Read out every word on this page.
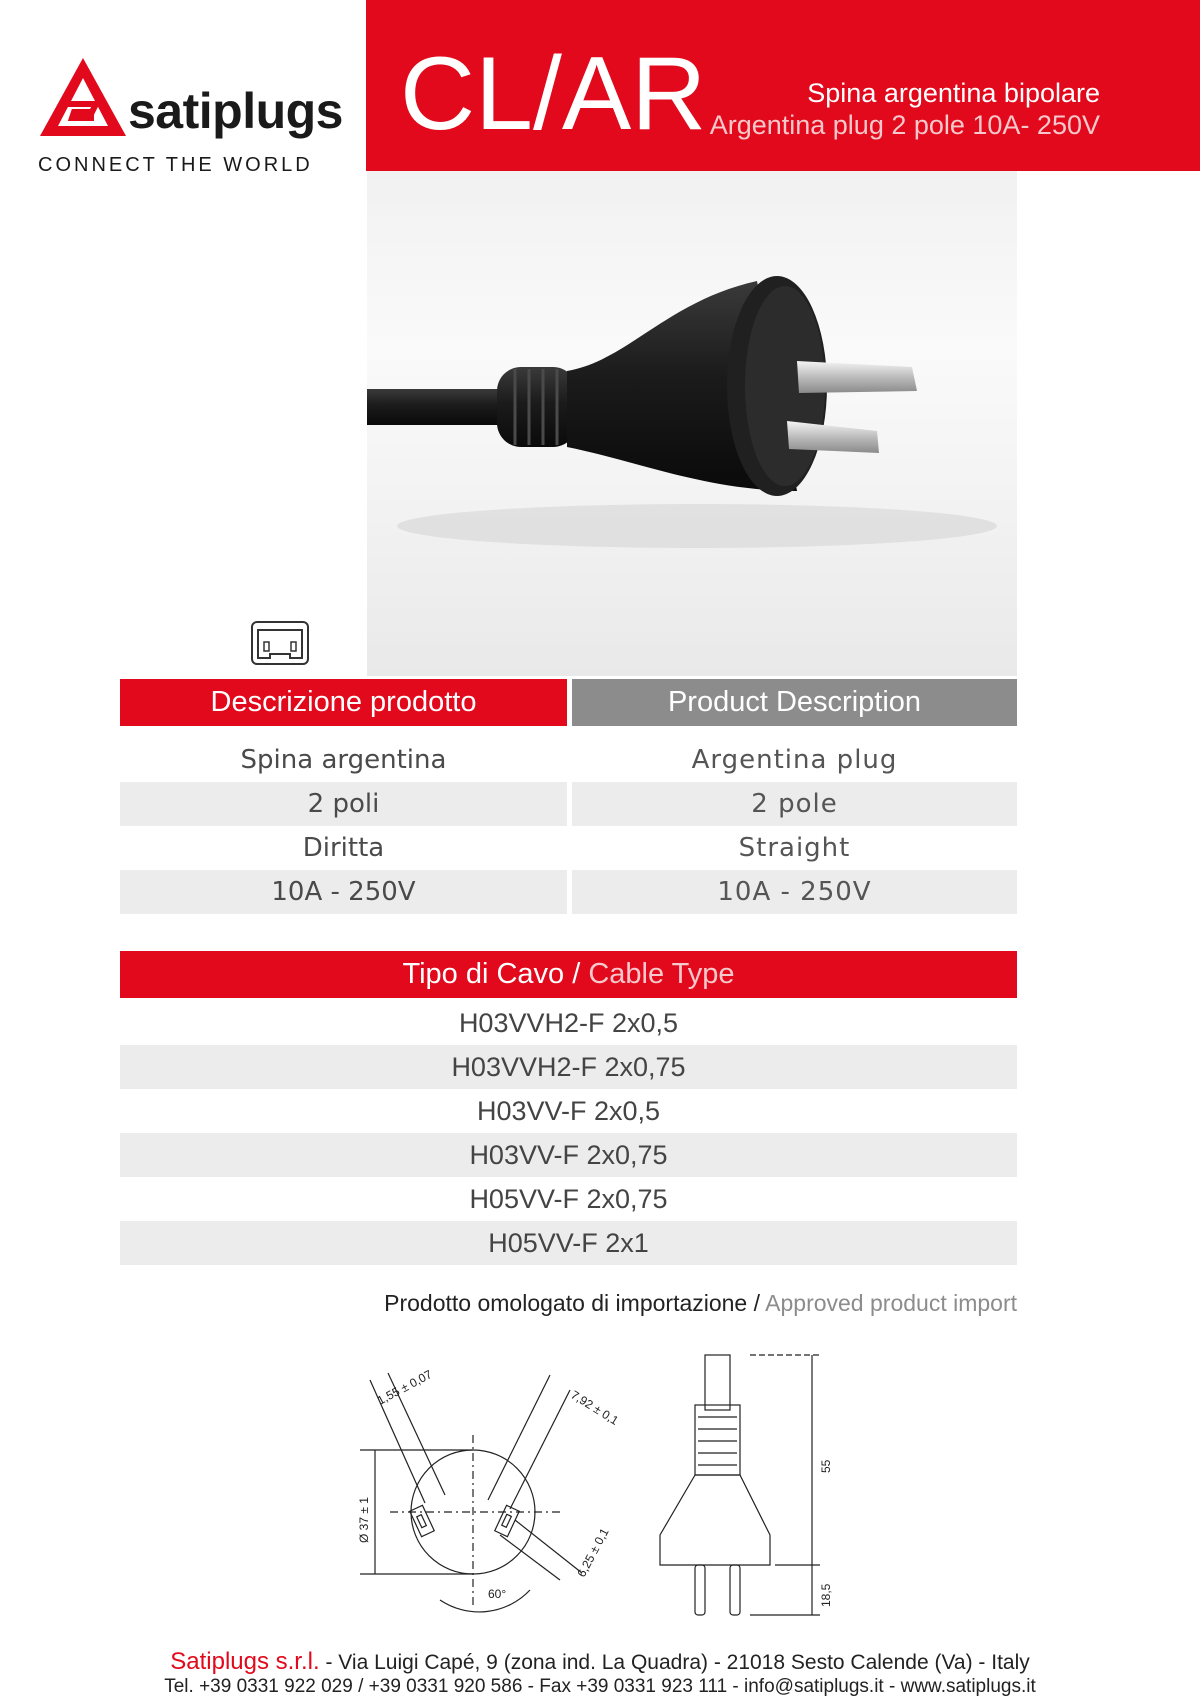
satiplugs
CONNECT THE WORLD
CL/AR	Spina argentina bipolare
Argentina plug 2 pole 10A- 250V
Descrizione prodotto	Product Description
Spina argentina	Argentina plug
2 poli	2 pole
Diritta	Straight
10A - 250V	10A - 250V
Tipo di Cavo
/
Cable Type
H03VVH2-F 2x0,5
H03VVH2-F 2x0,75
H03VV-F 2x0,5
H03VV-F 2x0,75
H05VV-F 2x0,75
H05VV-F 2x1
Prodotto omologato di importazione / Approved product import
1,55 ± 0,07
7,92 ± 0,1
Ø 37 ± 1
6,25 ± 0,1
60°
55
18,5
Satiplugs s.r.l. - Via Luigi Capé, 9 (zona ind. La Quadra) - 21018 Sesto Calende (Va) - Italy
Tel. +39 0331 922 029 / +39 0331 920 586 - Fax +39 0331 923 111 - info@satiplugs.it - www.satiplugs.it
